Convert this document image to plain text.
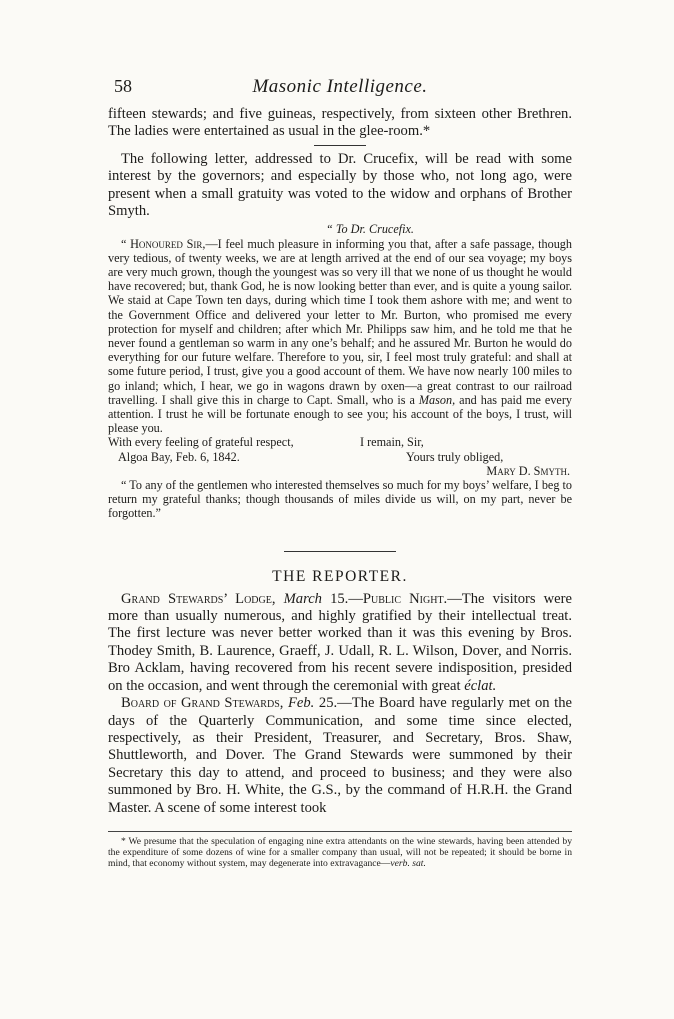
58	Masonic Intelligence.

fifteen stewards; and five guineas, respectively, from sixteen other Brethren. The ladies were entertained as usual in the glee-room.*

The following letter, addressed to Dr. Crucefix, will be read with some interest by the governors; and especially by those who, not long ago, were present when a small gratuity was voted to the widow and orphans of Brother Smyth.

“ To Dr. Crucefix.

“ Honoured Sir,—I feel much pleasure in informing you that, after a safe passage, though very tedious, of twenty weeks, we are at length arrived at the end of our sea voyage; my boys are very much grown, though the youngest was so very ill that we none of us thought he would have recovered; but, thank God, he is now looking better than ever, and is quite a young sailor. We staid at Cape Town ten days, during which time I took them ashore with me; and went to the Government Office and delivered your letter to Mr. Burton, who promised me every protection for myself and children; after which Mr. Philipps saw him, and he told me that he never found a gentleman so warm in any one’s behalf; and he assured Mr. Burton he would do everything for our future welfare. Therefore to you, sir, I feel most truly grateful: and shall at some future period, I trust, give you a good account of them. We have now nearly 100 miles to go inland; which, I hear, we go in wagons drawn by oxen—a great contrast to our railroad travelling. I shall give this in charge to Capt. Small, who is a Mason, and has paid me every attention. I trust he will be fortunate enough to see you; his account of the boys, I trust, will please you.

With every feeling of grateful respect,	I remain, Sir,
Algoa Bay, Feb. 6, 1842.	Yours truly obliged,
Mary D. Smyth.

“ To any of the gentlemen who interested themselves so much for my boys’ welfare, I beg to return my grateful thanks; though thousands of miles divide us will, on my part, never be forgotten.”

THE REPORTER.

Grand Stewards’ Lodge, March 15.—Public Night.—The visitors were more than usually numerous, and highly gratified by their intellectual treat. The first lecture was never better worked than it was this evening by Bros. Thodey Smith, B. Laurence, Graeff, J. Udall, R. L. Wilson, Dover, and Norris. Bro Acklam, having recovered from his recent severe indisposition, presided on the occasion, and went through the ceremonial with great éclat.

Board of Grand Stewards, Feb. 25.—The Board have regularly met on the days of the Quarterly Communication, and some time since elected, respectively, as their President, Treasurer, and Secretary, Bros. Shaw, Shuttleworth, and Dover. The Grand Stewards were summoned by their Secretary this day to attend, and proceed to business; and they were also summoned by Bro. H. White, the G.S., by the command of H.R.H. the Grand Master. A scene of some interest took

* We presume that the speculation of engaging nine extra attendants on the wine stewards, having been attended by the expenditure of some dozens of wine for a smaller company than usual, will not be repeated; it should be borne in mind, that economy without system, may degenerate into extravagance—verb. sat.
